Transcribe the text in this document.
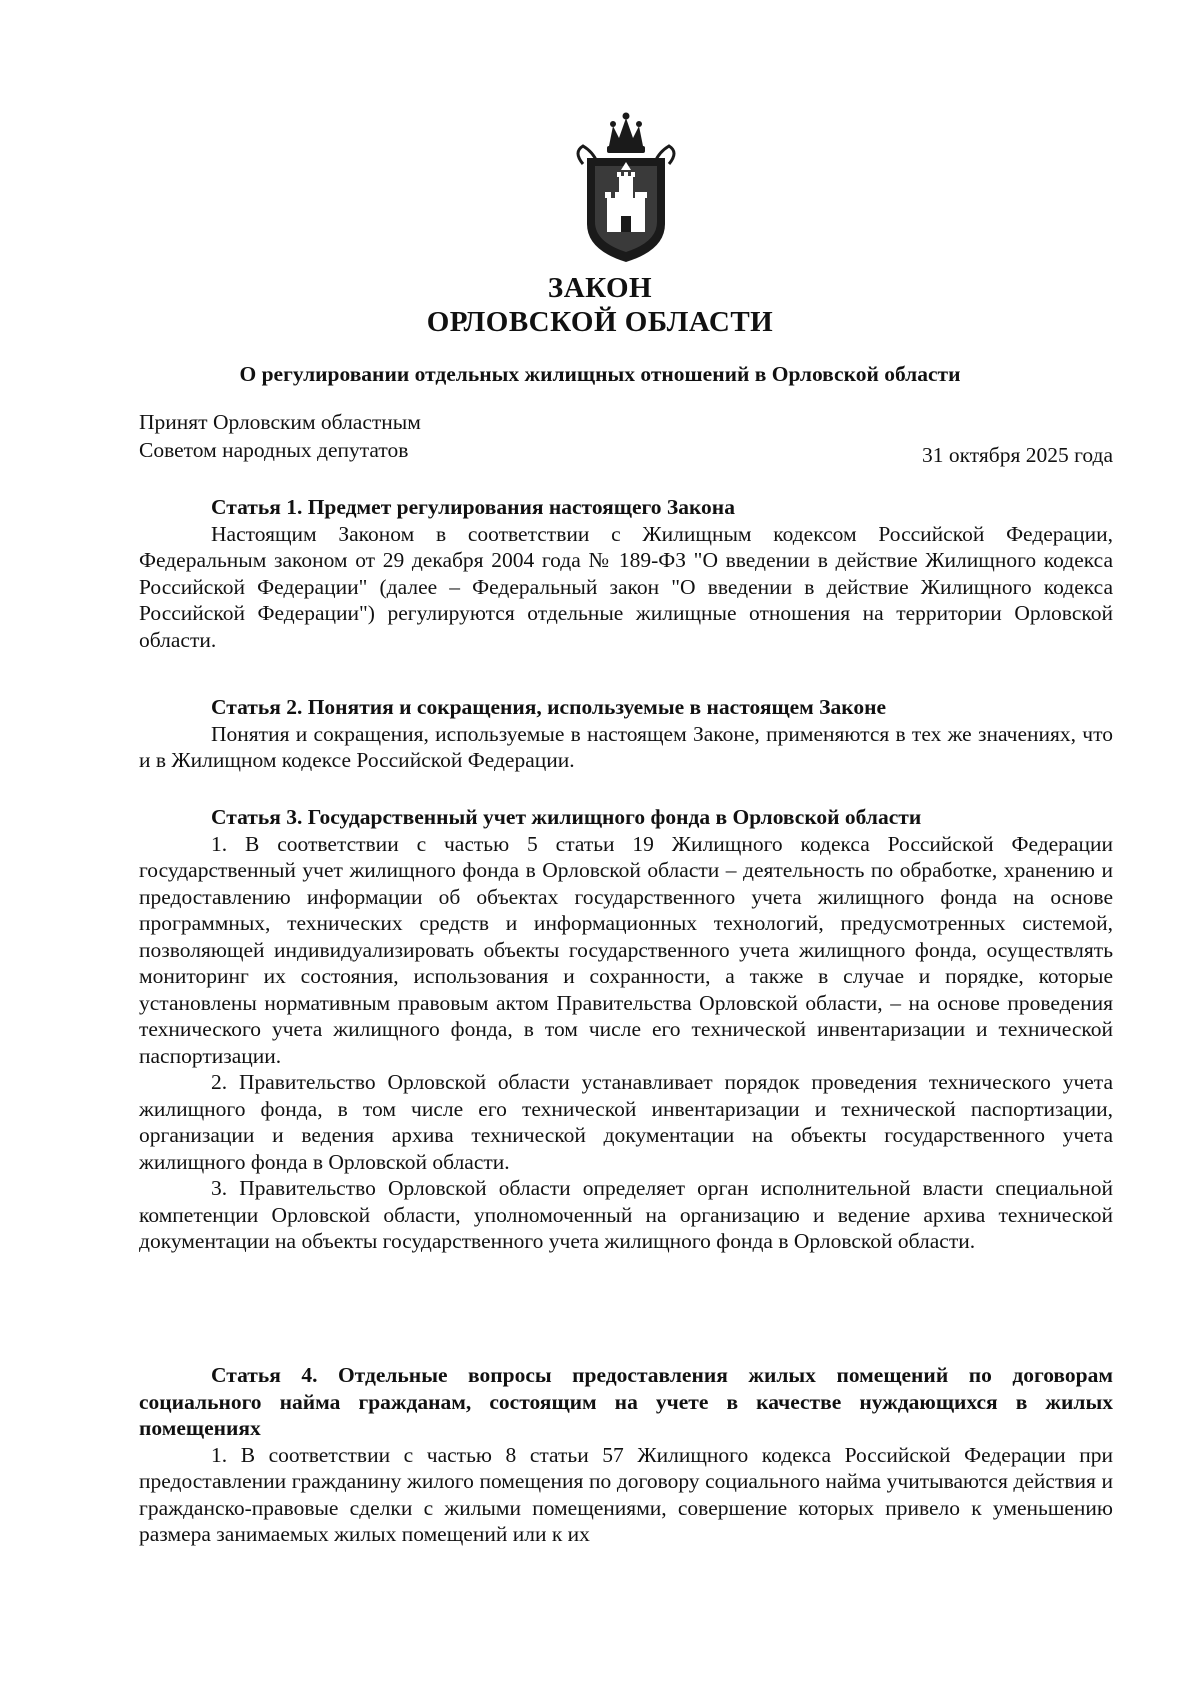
ЗАКОН
ОРЛОВСКОЙ ОБЛАСТИ
О регулировании отдельных жилищных отношений в Орловской области
Принят Орловским областным
Советом народных депутатов	31 октября 2025 года
Статья 1. Предмет регулирования настоящего Закона
Настоящим Законом в соответствии с Жилищным кодексом Российской Федерации, Федеральным законом от 29 декабря 2004 года № 189-ФЗ "О введении в действие Жилищного кодекса Российской Федерации" (далее – Федеральный закон "О введении в действие Жилищного кодекса Российской Федерации") регулируются отдельные жилищные отношения на территории Орловской области.
Статья 2. Понятия и сокращения, используемые в настоящем Законе
Понятия и сокращения, используемые в настоящем Законе, применяются в тех же значениях, что и в Жилищном кодексе Российской Федерации.
Статья 3. Государственный учет жилищного фонда в Орловской области
1. В соответствии с частью 5 статьи 19 Жилищного кодекса Российской Федерации государственный учет жилищного фонда в Орловской области – деятельность по обработке, хранению и предоставлению информации об объектах государственного учета жилищного фонда на основе программных, технических средств и информационных технологий, предусмотренных системой, позволяющей индивидуализировать объекты государственного учета жилищного фонда, осуществлять мониторинг их состояния, использования и сохранности, а также в случае и порядке, которые установлены нормативным правовым актом Правительства Орловской области, – на основе проведения технического учета жилищного фонда, в том числе его технической инвентаризации и технической паспортизации.
2. Правительство Орловской области устанавливает порядок проведения технического учета жилищного фонда, в том числе его технической инвентаризации и технической паспортизации, организации и ведения архива технической документации на объекты государственного учета жилищного фонда в Орловской области.
3. Правительство Орловской области определяет орган исполнительной власти специальной компетенции Орловской области, уполномоченный на организацию и ведение архива технической документации на объекты государственного учета жилищного фонда в Орловской области.
Статья 4. Отдельные вопросы предоставления жилых помещений по договорам социального найма гражданам, состоящим на учете в качестве нуждающихся в жилых помещениях
1. В соответствии с частью 8 статьи 57 Жилищного кодекса Российской Федерации при предоставлении гражданину жилого помещения по договору социального найма учитываются действия и гражданско-правовые сделки с жилыми помещениями, совершение которых привело к уменьшению размера занимаемых жилых помещений или к их
